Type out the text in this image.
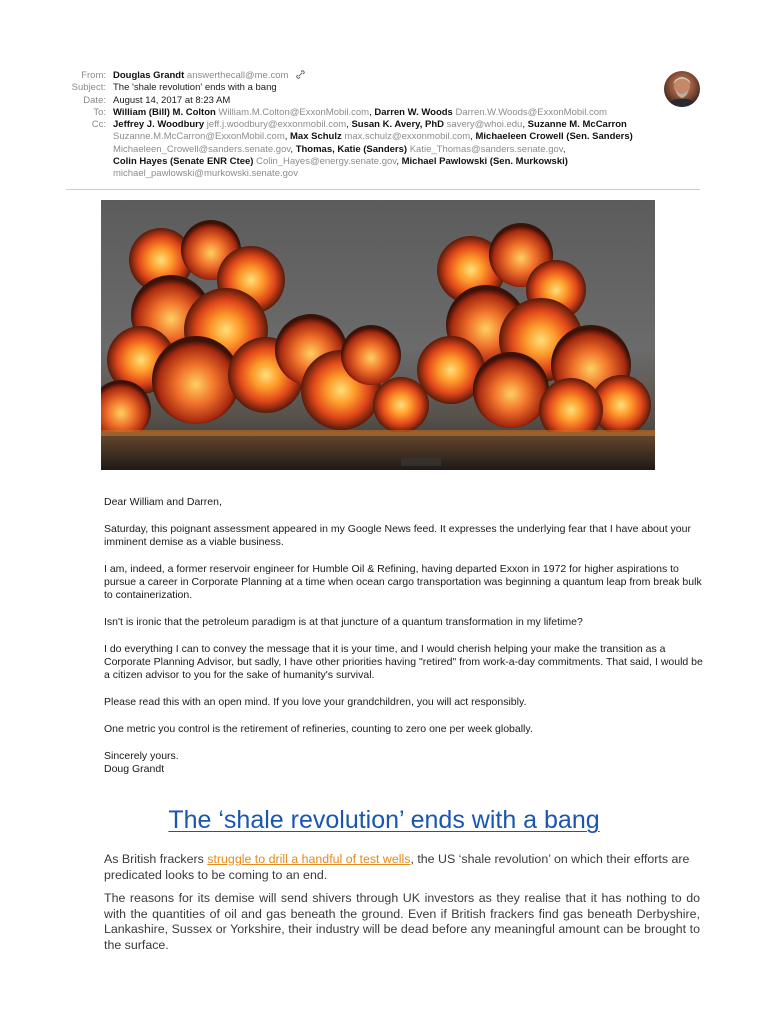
From: Douglas Grandt answerthecall@me.com
Subject: The 'shale revolution' ends with a bang
Date: August 14, 2017 at 8:23 AM
To: William (Bill) M. Colton William.M.Colton@ExxonMobil.com, Darren W. Woods Darren.W.Woods@ExxonMobil.com
Cc: Jeffrey J. Woodbury jeff.j.woodbury@exxonmobil.com, Susan K. Avery, PhD savery@whoi.edu, Suzanne M. McCarron
Suzanne.M.McCarron@ExxonMobil.com, Max Schulz max.schulz@exxonmobil.com, Michaeleen Crowell (Sen. Sanders)
Michaeleen_Crowell@sanders.senate.gov, Thomas, Katie (Sanders) Katie_Thomas@sanders.senate.gov,
Colin Hayes (Senate ENR Ctee) Colin_Hayes@energy.senate.gov, Michael Pawlowski (Sen. Murkowski)
michael_pawlowski@murkowski.senate.gov

Dear William and Darren,

Saturday, this poignant assessment appeared in my Google News feed. It expresses the underlying fear that I have about your imminent demise as a viable business.

I am, indeed, a former reservoir engineer for Humble Oil & Refining, having departed Exxon in 1972 for higher aspirations to pursue a career in Corporate Planning at a time when ocean cargo transportation was beginning a quantum leap from break bulk to containerization.

Isn't is ironic that the petroleum paradigm is at that juncture of a quantum transformation in my lifetime?

I do everything I can to convey the message that it is your time, and I would cherish helping your make the transition as a Corporate Planning Advisor, but sadly, I have other priorities having "retired" from work-a-day commitments. That said, I would be a citizen advisor to you for the sake of humanity's survival.

Please read this with an open mind. If you love your grandchildren, you will act responsibly.

One metric you control is the retirement of refineries, counting to zero one per week globally.

Sincerely yours.

Doug Grandt

The ‘shale revolution’ ends with a bang

As British frackers struggle to drill a handful of test wells, the US ‘shale revolution’ on which their efforts are predicated looks to be coming to an end.

The reasons for its demise will send shivers through UK investors as they realise that it has nothing to do with the quantities of oil and gas beneath the ground. Even if British frackers find gas beneath Derbyshire, Lankashire, Sussex or Yorkshire, their industry will be dead before any meaningful amount can be brought to the surface.
